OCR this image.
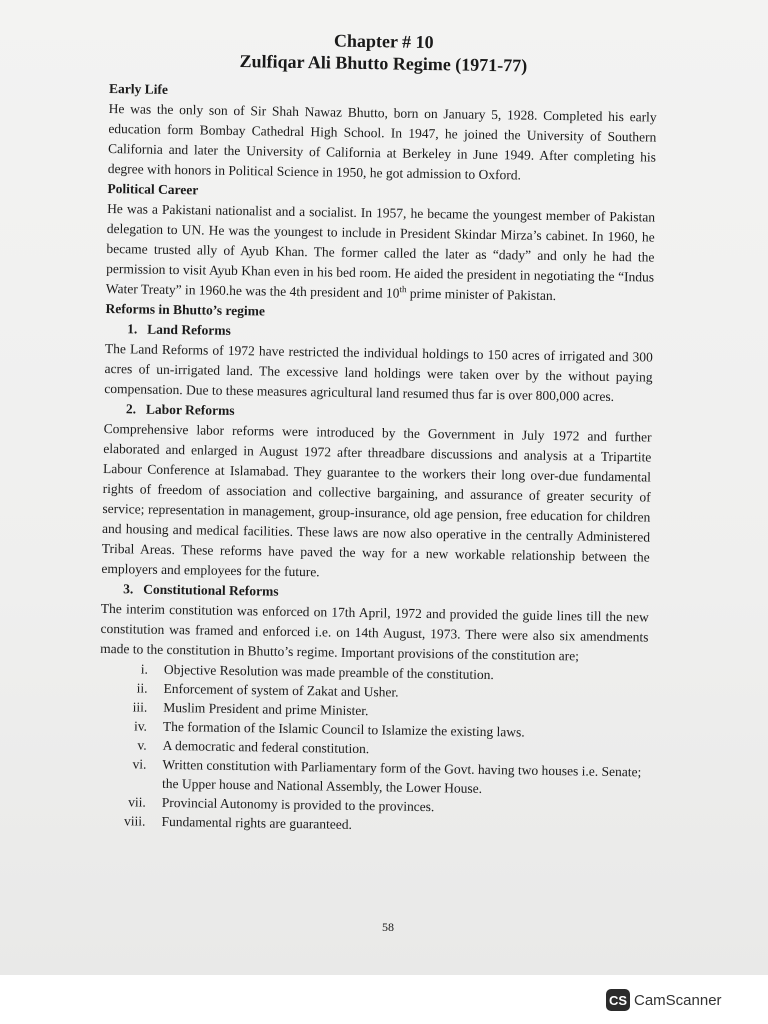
Chapter # 10

Zulfiqar Ali Bhutto Regime (1971-77)

Early Life

He was the only son of Sir Shah Nawaz Bhutto, born on January 5, 1928. Completed his early education form Bombay Cathedral High School. In 1947, he joined the University of Southern California and later the University of California at Berkeley in June 1949. After completing his degree with honors in Political Science in 1950, he got admission to Oxford.

Political Career

He was a Pakistani nationalist and a socialist. In 1957, he became the youngest member of Pakistan delegation to UN. He was the youngest to include in President Skindar Mirza’s cabinet. In 1960, he became trusted ally of Ayub Khan. The former called the later as “dady” and only he had the permission to visit Ayub Khan even in his bed room. He aided the president in negotiating the “Indus Water Treaty” in 1960.he was the 4th president and 10th prime minister of Pakistan.

Reforms in Bhutto’s regime

1. Land Reforms

The Land Reforms of 1972 have restricted the individual holdings to 150 acres of irrigated and 300 acres of un-irrigated land. The excessive land holdings were taken over by the without paying compensation. Due to these measures agricultural land resumed thus far is over 800,000 acres.

2. Labor Reforms

Comprehensive labor reforms were introduced by the Government in July 1972 and further elaborated and enlarged in August 1972 after threadbare discussions and analysis at a Tripartite Labour Conference at Islamabad. They guarantee to the workers their long over-due fundamental rights of freedom of association and collective bargaining, and assurance of greater security of service; representation in management, group-insurance, old age pension, free education for children and housing and medical facilities. These laws are now also operative in the centrally Administered Tribal Areas. These reforms have paved the way for a new workable relationship between the employers and employees for the future.

3. Constitutional Reforms

The interim constitution was enforced on 17th April, 1972 and provided the guide lines till the new constitution was framed and enforced i.e. on 14th August, 1973. There were also six amendments made to the constitution in Bhutto’s regime. Important provisions of the constitution are;

i.	Objective Resolution was made preamble of the constitution.
ii.	Enforcement of system of Zakat and Usher.
iii.	Muslim President and prime Minister.
iv.	The formation of the Islamic Council to Islamize the existing laws.
v.	A democratic and federal constitution.
vi.	Written constitution with Parliamentary form of the Govt. having two houses i.e. Senate; the Upper house and National Assembly, the Lower House.
vii.	Provincial Autonomy is provided to the provinces.
viii.	Fundamental rights are guaranteed.
58
CS CamScanner
